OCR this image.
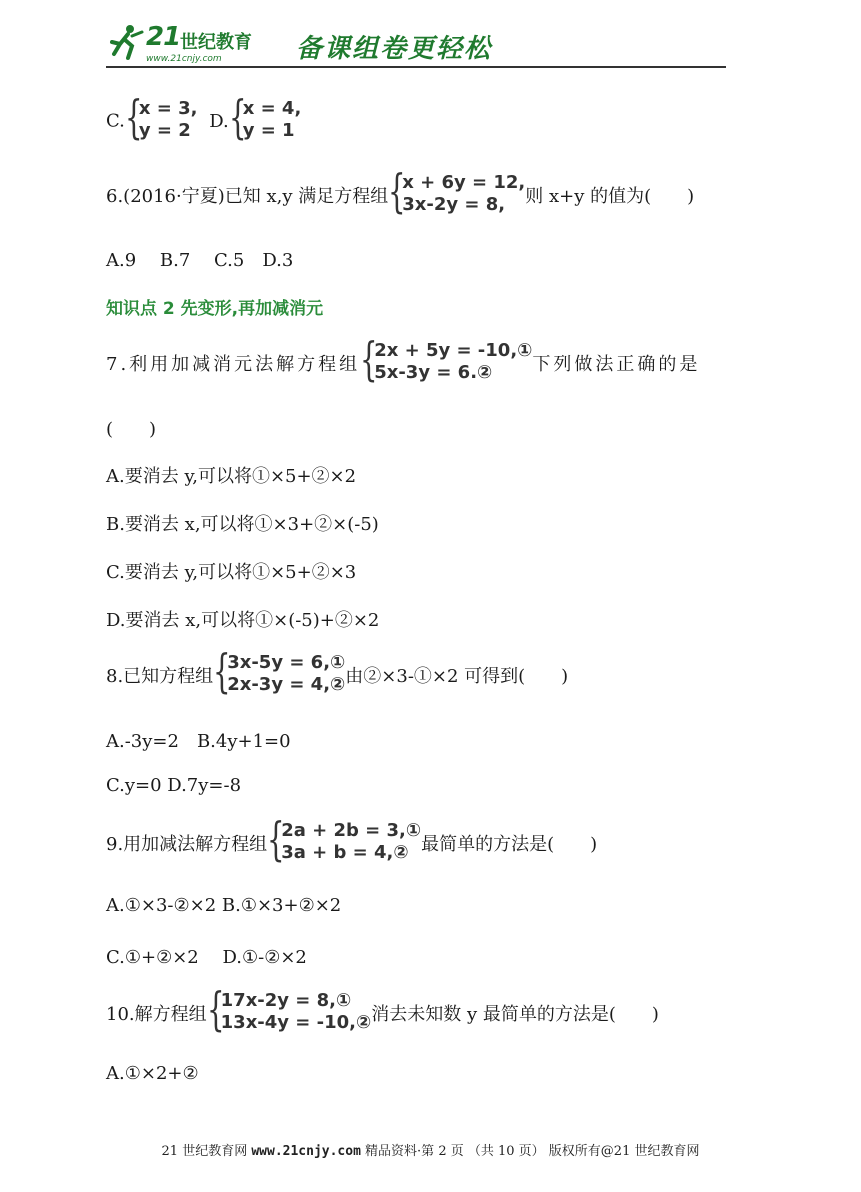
21 世纪教育
www.21cnjy.com	备课组卷更轻松
C. {
x = 3,
y = 2	D. {
x = 4,
y = 1
6.(2016·宁夏)已知 x,y 满足方程组 {
x + 6y = 12,
3x-2y = 8,	则 x+y 的值为(　　)
A.9　 B.7　 C.5　D.3
知识点 2 先变形,再加减消元
7.利用加减消元法解方程组 {
2x + 5y = -10,①
5x-3y = 6.②	下列做法正确的是
(　　)
A.要消去 y,可以将①×5+②×2
B.要消去 x,可以将①×3+②×(-5)
C.要消去 y,可以将①×5+②×3
D.要消去 x,可以将①×(-5)+②×2
8.已知方程组 {
3x-5y = 6,①
2x-3y = 4,② 由②×3-①×2 可得到(　　)
A.-3y=2　B.4y+1=0
C.y=0 D.7y=-8
9.用加减法解方程组 {
2a + 2b = 3,①
3a + b = 4,② 最简单的方法是(　　)
A.①×3-②×2 B.①×3+②×2
C.①+②×2　 D.①-②×2
10.解方程组 {
17x-2y = 8,①
13x-4y = -10,② 消去未知数 y 最简单的方法是(　　)
A.①×2+②
21 世纪教育网 www.21cnjy.com 精品资料·第 2 页 （共 10 页） 版权所有@21 世纪教育网
